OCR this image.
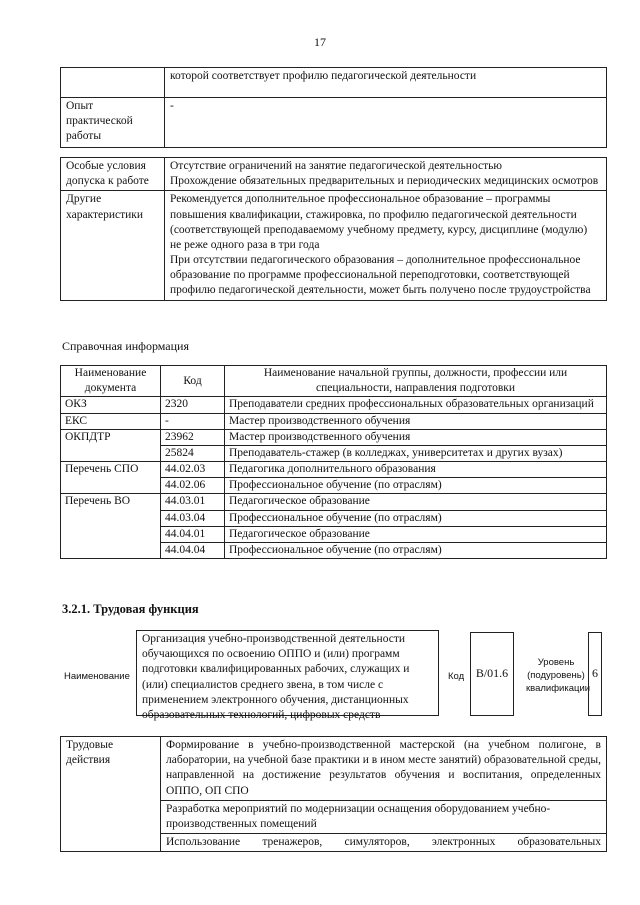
17
	которой соответствует профилю педагогической деятельности
Опыт практической работы	-
Особые условия допуска к работе	Отсутствие ограничений на занятие педагогической деятельностью
Прохождение обязательных предварительных и периодических медицинских осмотров

Другие характеристики	Рекомендуется дополнительное профессиональное образование – программы повышения квалификации, стажировка, по профилю педагогической деятельности (соответствующей преподаваемому учебному предмету, курсу, дисциплине (модулю) не реже одного раза в три года
При отсутствии педагогического образования – дополнительное профессиональное образование по программе профессиональной переподготовки, соответствующей профилю педагогической деятельности, может быть получено после трудоустройства
Справочная информация
Наименование документа	Код	Наименование начальной группы, должности, профессии или специальности, направления подготовки
ОКЗ	2320	Преподаватели средних профессиональных образовательных организаций
ЕКС	-	Мастер производственного обучения
ОКПДТР	23962	Мастер производственного обучения
	25824	Преподаватель-стажер (в колледжах, университетах и других вузах)
Перечень СПО	44.02.03	Педагогика дополнительного образования
	44.02.06	Профессиональное обучение (по отраслям)
Перечень ВО	44.03.01	Педагогическое образование
	44.03.04	Профессиональное обучение (по отраслям)
	44.04.01	Педагогическое образование
	44.04.04	Профессиональное обучение (по отраслям)
3.2.1. Трудовая функция
Наименование
Организация учебно-производственной деятельности обучающихся по освоению ОППО и (или) программ подготовки квалифицированных рабочих, служащих и (или) специалистов среднего звена, в том числе с применением электронного обучения, дистанционных образовательных технологий, цифровых средств
Код B/01.6
Уровень (подуровень) квалификации
6
Трудовые действия	Формирование в учебно-производственной мастерской (на учебном полигоне, в лаборатории, на учебной базе практики и в ином месте занятий) образовательной среды, направленной на достижение результатов обучения и воспитания, определенных ОППО, ОП СПО
Разработка мероприятий по модернизации оснащения оборудованием учебно-производственных помещений
Использование тренажеров, симуляторов, электронных образовательных
